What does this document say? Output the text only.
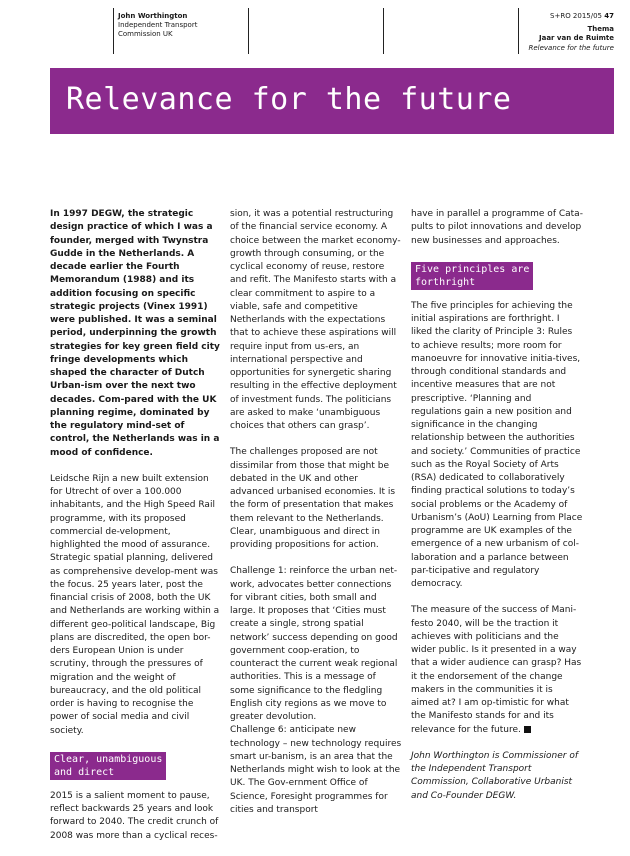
John Worthington
Independent Transport
Commission UK
S+RO 2015/05 47
Thema
Jaar van de Ruimte
Relevance for the future
Relevance for the future

In 1997 DEGW, the strategic design practice of which I was a founder, merged with Twynstra Gudde in the Netherlands. A decade earlier the Fourth Memorandum (1988) and its addition focusing on specific strategic projects (Vinex 1991) were published. It was a seminal period, underpinning the growth strategies for key green field city fringe developments which shaped the character of Dutch Urban-ism over the next two decades. Com-pared with the UK planning regime, dominated by the regulatory mind-set of control, the Netherlands was in a mood of confidence.

Leidsche Rijn a new built extension for Utrecht of over a 100.000 inhabitants, and the High Speed Rail programme, with its proposed commercial de-velopment, highlighted the mood of assurance. Strategic spatial planning, delivered as comprehensive develop-ment was the focus. 25 years later, post the financial crisis of 2008, both the UK and Netherlands are working within a different geo-political landscape, Big plans are discredited, the open bor-ders European Union is under scrutiny, through the pressures of migration and the weight of bureaucracy, and the old political order is having to recognise the power of social media and civil society.

Clear, unambiguous
and direct

2015 is a salient moment to pause, reflect backwards 25 years and look forward to 2040. The credit crunch of 2008 was more than a cyclical reces-

sion, it was a potential restructuring of the financial service economy. A choice between the market economy-growth through consuming, or the cyclical economy of reuse, restore and refit. The Manifesto starts with a clear commitment to aspire to a viable, safe and competitive Netherlands with the expectations that to achieve these aspirations will require input from us-ers, an international perspective and opportunities for synergetic sharing resulting in the effective deployment of investment funds. The politicians are asked to make ‘unambiguous choices that others can grasp’.

The challenges proposed are not dissimilar from those that might be debated in the UK and other advanced urbanised economies. It is the form of presentation that makes them relevant to the Netherlands. Clear, unambiguous and direct in providing propositions for action.

Challenge 1: reinforce the urban net-work, advocates better connections for vibrant cities, both small and large. It proposes that ‘Cities must create a single, strong spatial network’ success depending on good government coop-eration, to counteract the current weak regional authorities. This is a message of some significance to the fledgling English city regions as we move to greater devolution.

Challenge 6: anticipate new technology – new technology requires smart ur-banism, is an area that the Netherlands might wish to look at the UK. The Gov-ernment Office of Science, Foresight programmes for cities and transport

have in parallel a programme of Cata-pults to pilot innovations and develop new businesses and approaches.

Five principles are
forthright

The five principles for achieving the initial aspirations are forthright. I liked the clarity of Principle 3: Rules to achieve results; more room for manoeuvre for innovative initia-tives, through conditional standards and incentive measures that are not prescriptive. ‘Planning and regulations gain a new position and significance in the changing relationship between the authorities and society.’ Communities of practice such as the Royal Society of Arts (RSA) dedicated to collaboratively finding practical solutions to today’s social problems or the Academy of Urbanism’s (AoU) Learning from Place programme are UK examples of the emergence of a new urbanism of col-laboration and a parlance between par-ticipative and regulatory democracy.

The measure of the success of Mani-festo 2040, will be the traction it achieves with politicians and the wider public. Is it presented in a way that a wider audience can grasp? Has it the endorsement of the change makers in the communities it is aimed at? I am op-timistic for what the Manifesto stands for and its relevance for the future.

John Worthington is Commissioner of the Independent Transport Commission, Collaborative Urbanist and Co-Founder DEGW.
